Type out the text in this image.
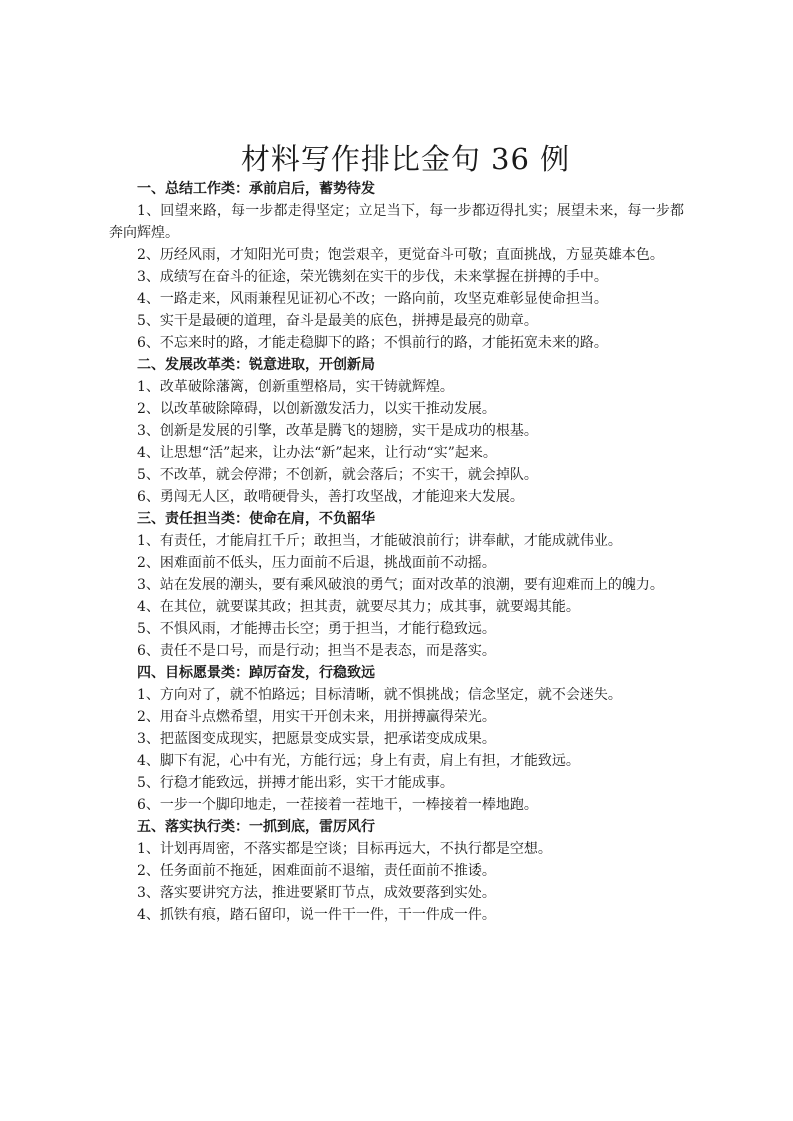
材料写作排比金句 36 例

一、总结工作类：承前启后，蓄势待发

1、回望来路，每一步都走得坚定；立足当下，每一步都迈得扎实；展望未来，每一步都奔向辉煌。

2、历经风雨，才知阳光可贵；饱尝艰辛，更觉奋斗可敬；直面挑战，方显英雄本色。

3、成绩写在奋斗的征途，荣光镌刻在实干的步伐，未来掌握在拼搏的手中。

4、一路走来，风雨兼程见证初心不改；一路向前，攻坚克难彰显使命担当。

5、实干是最硬的道理，奋斗是最美的底色，拼搏是最亮的勋章。

6、不忘来时的路，才能走稳脚下的路；不惧前行的路，才能拓宽未来的路。

二、发展改革类：锐意进取，开创新局

1、改革破除藩篱，创新重塑格局，实干铸就辉煌。

2、以改革破除障碍，以创新激发活力，以实干推动发展。

3、创新是发展的引擎，改革是腾飞的翅膀，实干是成功的根基。

4、让思想“活”起来，让办法“新”起来，让行动“实”起来。

5、不改革，就会停滞；不创新，就会落后；不实干，就会掉队。

6、勇闯无人区，敢啃硬骨头，善打攻坚战，才能迎来大发展。

三、责任担当类：使命在肩，不负韶华

1、有责任，才能肩扛千斤；敢担当，才能破浪前行；讲奉献，才能成就伟业。

2、困难面前不低头，压力面前不后退，挑战面前不动摇。

3、站在发展的潮头，要有乘风破浪的勇气；面对改革的浪潮，要有迎难而上的魄力。

4、在其位，就要谋其政；担其责，就要尽其力；成其事，就要竭其能。

5、不惧风雨，才能搏击长空；勇于担当，才能行稳致远。

6、责任不是口号，而是行动；担当不是表态，而是落实。

四、目标愿景类：踔厉奋发，行稳致远

1、方向对了，就不怕路远；目标清晰，就不惧挑战；信念坚定，就不会迷失。

2、用奋斗点燃希望，用实干开创未来，用拼搏赢得荣光。

3、把蓝图变成现实，把愿景变成实景，把承诺变成成果。

4、脚下有泥，心中有光，方能行远；身上有责，肩上有担，才能致远。

5、行稳才能致远，拼搏才能出彩，实干才能成事。

6、一步一个脚印地走，一茬接着一茬地干，一棒接着一棒地跑。

五、落实执行类：一抓到底，雷厉风行

1、计划再周密，不落实都是空谈；目标再远大，不执行都是空想。

2、任务面前不拖延，困难面前不退缩，责任面前不推诿。

3、落实要讲究方法，推进要紧盯节点，成效要落到实处。

4、抓铁有痕，踏石留印，说一件干一件，干一件成一件。
